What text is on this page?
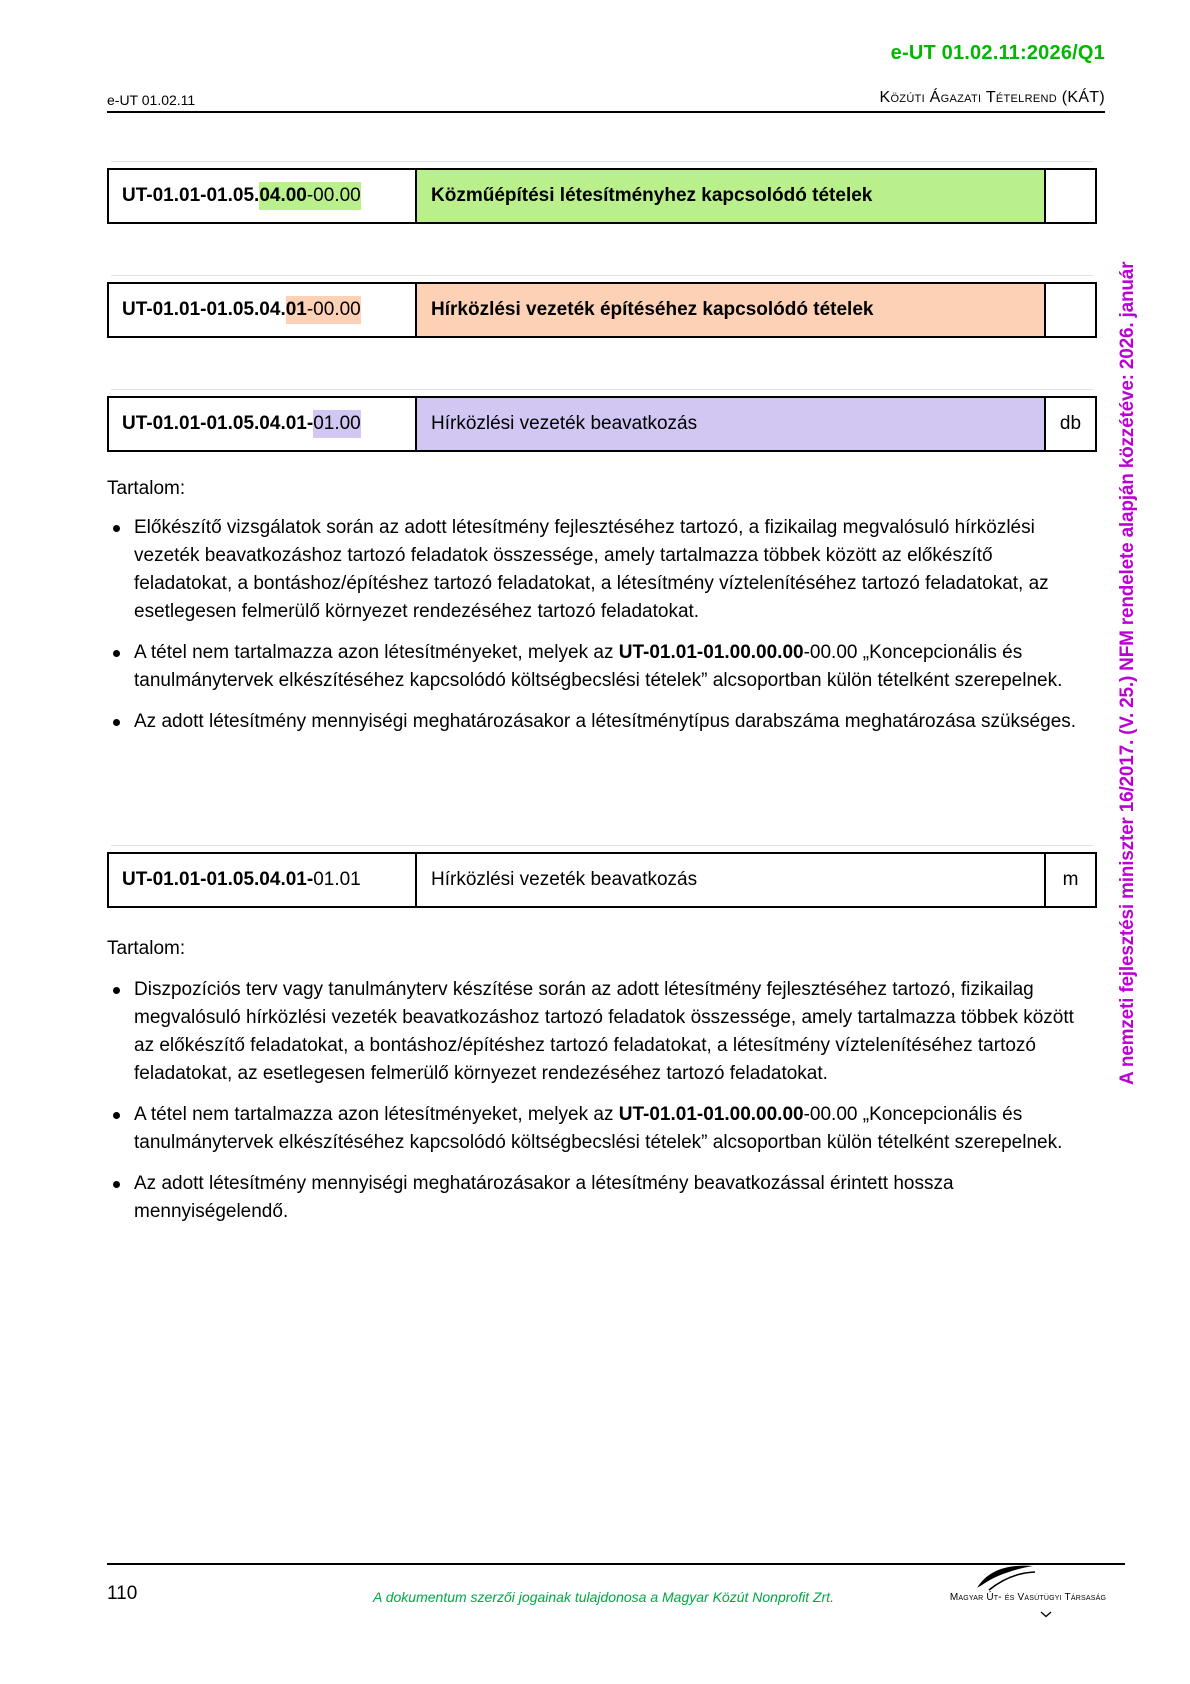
e-UT 01.02.11:2026/Q1
e-UT 01.02.11	Közúti Ágazati Tételrend (KÁT)
A nemzeti fejlesztési miniszter 16/2017. (V. 25.) NFM rendelete alapján közzétéve: 2026. január
UT-01.01-01.05. 04.00 -00.00	Közműépítési létesítményhez kapcsolódó tételek
UT-01.01-01.05.04. 01 -00.00	Hírközlési vezeték építéséhez kapcsolódó tételek
UT-01.01-01.05.04.01- 01.00	Hírközlési vezeték beavatkozás	db
Tartalom:
Előkészítő vizsgálatok során az adott létesítmény fejlesztéséhez tartozó, a fizikailag megvalósuló hírközlési vezeték beavatkozáshoz tartozó feladatok összessége, amely tartalmazza többek között az előkészítő feladatokat, a bontáshoz/építéshez tartozó feladatokat, a létesítmény víztelenítéséhez tartozó feladatokat, az esetlegesen felmerülő környezet rendezéséhez tartozó feladatokat.
A tétel nem tartalmazza azon létesítményeket, melyek az UT-01.01-01.00.00.00-00.00 „Koncepcionális és tanulmánytervek elkészítéséhez kapcsolódó költségbecslési tételek” alcsoportban külön tételként szerepelnek.
Az adott létesítmény mennyiségi meghatározásakor a létesítménytípus darabszáma meghatározása szükséges.
UT-01.01-01.05.04.01- 01.01	Hírközlési vezeték beavatkozás	m
Tartalom:
Diszpozíciós terv vagy tanulmányterv készítése során az adott létesítmény fejlesztéséhez tartozó, fizikailag megvalósuló hírközlési vezeték beavatkozáshoz tartozó feladatok összessége, amely tartalmazza többek között az előkészítő feladatokat, a bontáshoz/építéshez tartozó feladatokat, a létesítmény víztelenítéséhez tartozó feladatokat, az esetlegesen felmerülő környezet rendezéséhez tartozó feladatokat.
A tétel nem tartalmazza azon létesítményeket, melyek az UT-01.01-01.00.00.00-00.00 „Koncepcionális és tanulmánytervek elkészítéséhez kapcsolódó költségbecslési tételek” alcsoportban külön tételként szerepelnek.
Az adott létesítmény mennyiségi meghatározásakor a létesítmény beavatkozással érintett hossza mennyiségelendő.
110	A dokumentum szerzői jogainak tulajdonosa a Magyar Közút Nonprofit Zrt.	Magyar Út- és Vasútügyi Társaság
